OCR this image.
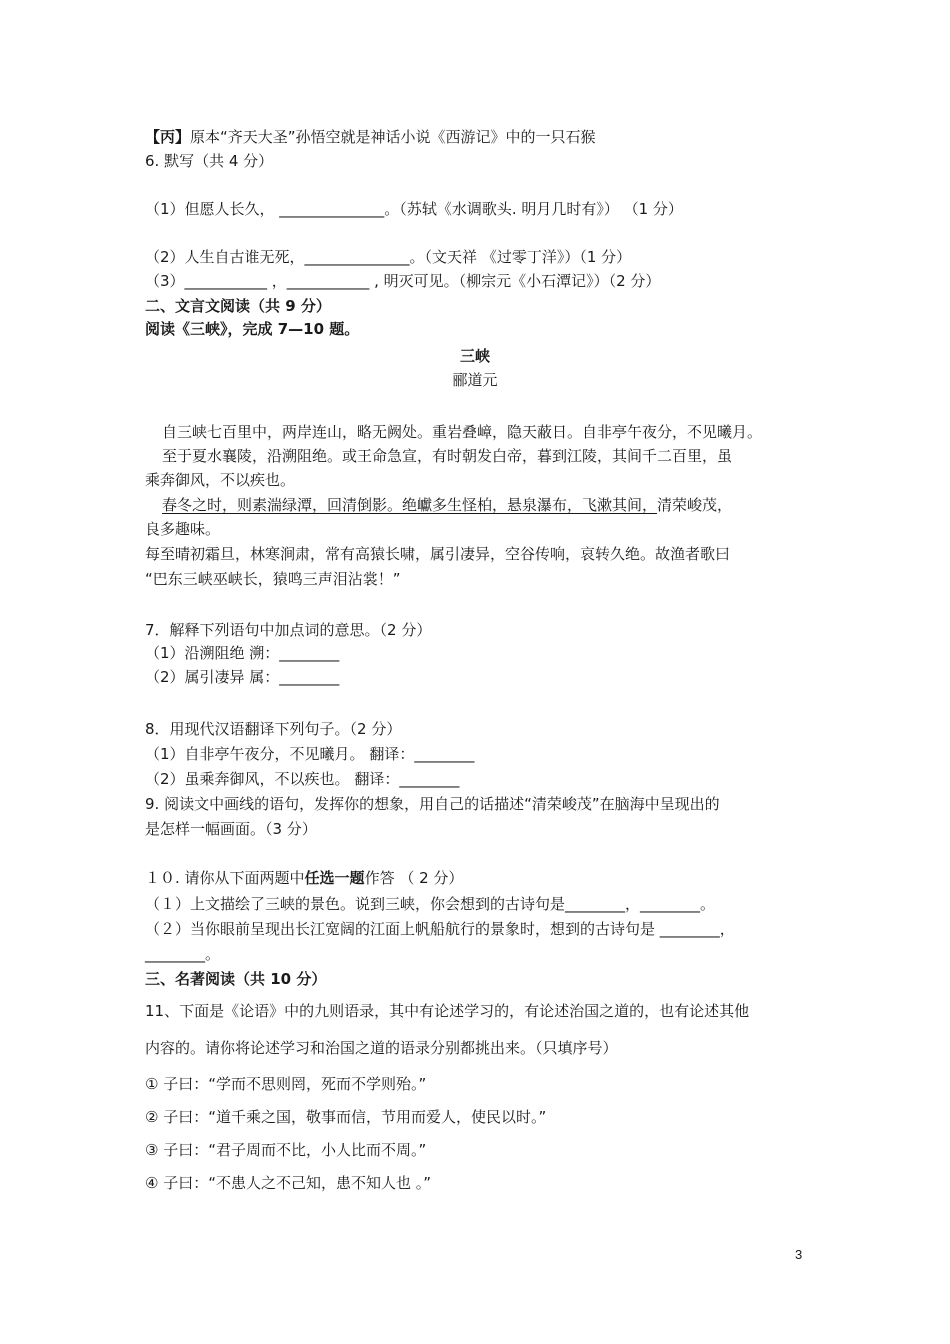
【丙】原本“齐天大圣”孙悟空就是神话小说《西游记》中的一只石猴
6. 默写（共 4 分）
（1）但愿人长久， ______________。（苏轼《水调歌头. 明月几时有》） （1 分）
（2）人生自古谁无死，______________。（文天祥 《过零丁洋》）（1 分）
（3）___________ ，___________ , 明灭可见。（柳宗元《小石潭记》）（2 分）
二、文言文阅读（共 9 分）
阅读《三峡》，完成 7—10 题。
三峡
郦道元
自三峡七百里中，两岸连山，略无阙处。重岩叠嶂，隐天蔽日。自非亭午夜分，不见曦月。
至于夏水襄陵，沿溯阻绝。或王命急宣，有时朝发白帝，暮到江陵，其间千二百里，虽
乘奔御风，不以疾也。
春冬之时，则素湍绿潭，回清倒影。绝巘多生怪柏，悬泉瀑布，飞漱其间，清荣峻茂，
良多趣味。
每至晴初霜旦，林寒涧肃，常有高猿长啸，属引凄异，空谷传响，哀转久绝。故渔者歌曰
“巴东三峡巫峡长，猿鸣三声泪沾裳！”
7．解释下列语句中加点词的意思。（2 分）
（1）沿溯阻绝 溯：________
（2）属引凄异 属：________
8．用现代汉语翻译下列句子。（2 分）
（1）自非亭午夜分，不见曦月。 翻译：________
（2）虽乘奔御风，不以疾也。 翻译：________
9. 阅读文中画线的语句，发挥你的想象，用自己的话描述“清荣峻茂”在脑海中呈现出的
是怎样一幅画面。（3 分）
１０. 请你从下面两题中任选一题作答 （ 2 分）
（１）上文描绘了三峡的景色。说到三峡，你会想到的古诗句是________，________。
（２）当你眼前呈现出长江宽阔的江面上帆船航行的景象时，想到的古诗句是 ________，
________。
三、名著阅读（共 10 分）
11、下面是《论语》中的九则语录，其中有论述学习的，有论述治国之道的，也有论述其他
内容的。请你将论述学习和治国之道的语录分别都挑出来。（只填序号）
① 子曰：“学而不思则罔，死而不学则殆。”
② 子曰：“道千乘之国，敬事而信，节用而爱人，使民以时。”
③ 子曰：“君子周而不比，小人比而不周。”
④ 子曰：“不患人之不己知，患不知人也 。”
3
